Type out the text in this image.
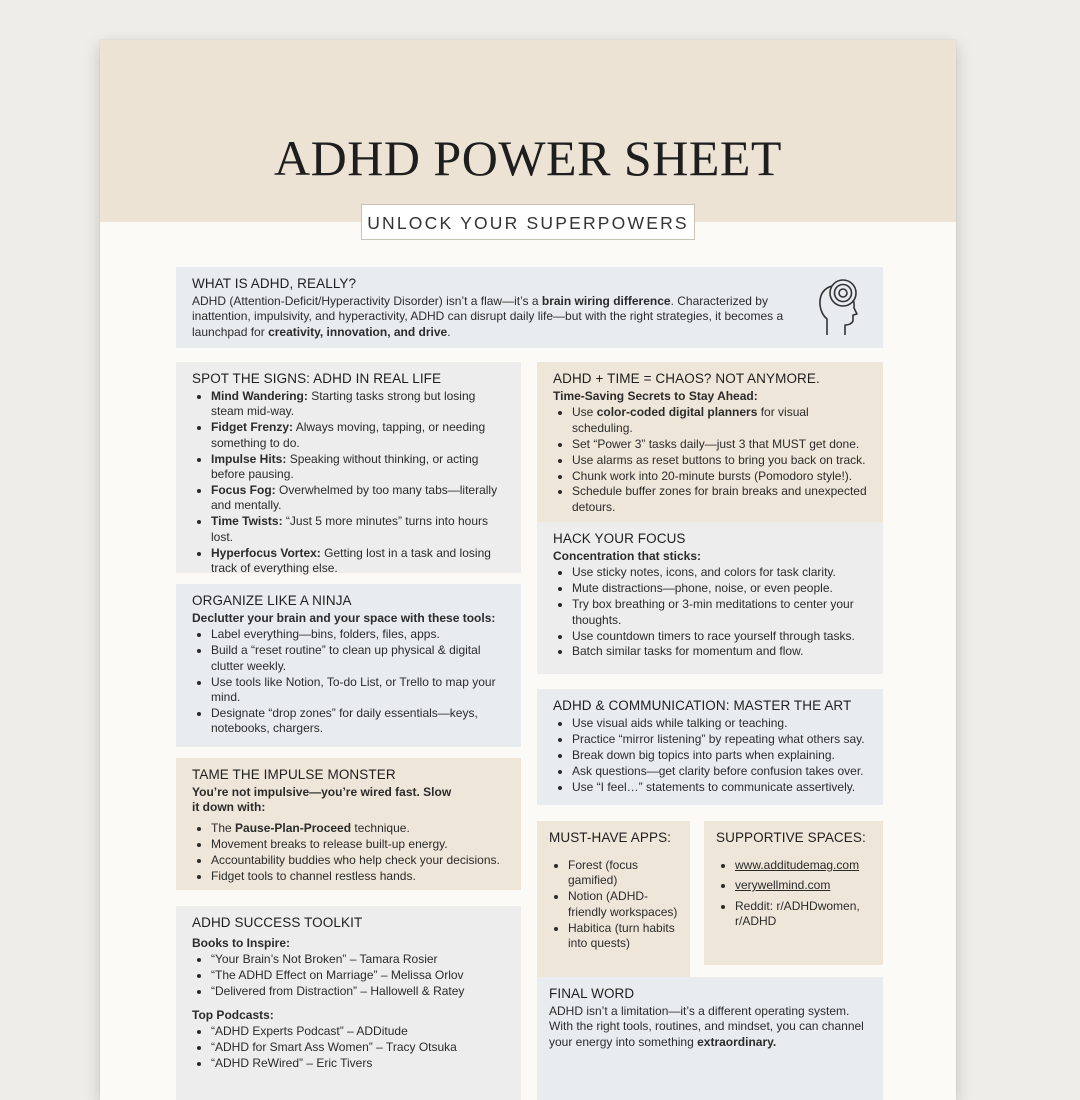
ADHD POWER SHEET
UNLOCK YOUR SUPERPOWERS
WHAT IS ADHD, REALLY?

ADHD (Attention-Deficit/Hyperactivity Disorder) isn’t a flaw—it’s a brain wiring difference. Characterized by inattention, impulsivity, and hyperactivity, ADHD can disrupt daily life—but with the right strategies, it becomes a launchpad for creativity, innovation, and drive.

SPOT THE SIGNS: ADHD IN REAL LIFE
• Mind Wandering: Starting tasks strong but losing steam mid-way.
• Fidget Frenzy: Always moving, tapping, or needing something to do.
• Impulse Hits: Speaking without thinking, or acting before pausing.
• Focus Fog: Overwhelmed by too many tabs—literally and mentally.
• Time Twists: “Just 5 more minutes” turns into hours lost.
• Hyperfocus Vortex: Getting lost in a task and losing track of everything else.
ADHD + TIME = CHAOS? NOT ANYMORE.
Time-Saving Secrets to Stay Ahead:
• Use color-coded digital planners for visual scheduling.
• Set “Power 3” tasks daily—just 3 that MUST get done.
• Use alarms as reset buttons to bring you back on track.
• Chunk work into 20-minute bursts (Pomodoro style!).
• Schedule buffer zones for brain breaks and unexpected detours.
HACK YOUR FOCUS
Concentration that sticks:
• Use sticky notes, icons, and colors for task clarity.
• Mute distractions—phone, noise, or even people.
• Try box breathing or 3-min meditations to center your thoughts.
• Use countdown timers to race yourself through tasks.
• Batch similar tasks for momentum and flow.
ORGANIZE LIKE A NINJA
Declutter your brain and your space with these tools:
• Label everything—bins, folders, files, apps.
• Build a “reset routine” to clean up physical & digital clutter weekly.
• Use tools like Notion, To-do List, or Trello to map your mind.
• Designate “drop zones” for daily essentials—keys, notebooks, chargers.
ADHD & COMMUNICATION: MASTER THE ART
• Use visual aids while talking or teaching.
• Practice “mirror listening” by repeating what others say.
• Break down big topics into parts when explaining.
• Ask questions—get clarity before confusion takes over.
• Use “I feel…” statements to communicate assertively.
TAME THE IMPULSE MONSTER
You’re not impulsive—you’re wired fast. Slow it down with:
• The Pause-Plan-Proceed technique.
• Movement breaks to release built-up energy.
• Accountability buddies who help check your decisions.
• Fidget tools to channel restless hands.
MUST-HAVE APPS:
• Forest (focus gamified)
• Notion (ADHD-friendly workspaces)
• Habitica (turn habits into quests)
SUPPORTIVE SPACES:
• www.additudemag.com
• verywellmind.com
• Reddit: r/ADHDwomen, r/ADHD
ADHD SUCCESS TOOLKIT
Books to Inspire:
• “Your Brain’s Not Broken” – Tamara Rosier
• “The ADHD Effect on Marriage” – Melissa Orlov
• “Delivered from Distraction” – Hallowell & Ratey
Top Podcasts:
• “ADHD Experts Podcast” – ADDitude
• “ADHD for Smart Ass Women” – Tracy Otsuka
• “ADHD ReWired” – Eric Tivers
FINAL WORD

ADHD isn’t a limitation—it’s a different operating system. With the right tools, routines, and mindset, you can channel your energy into something extraordinary.
